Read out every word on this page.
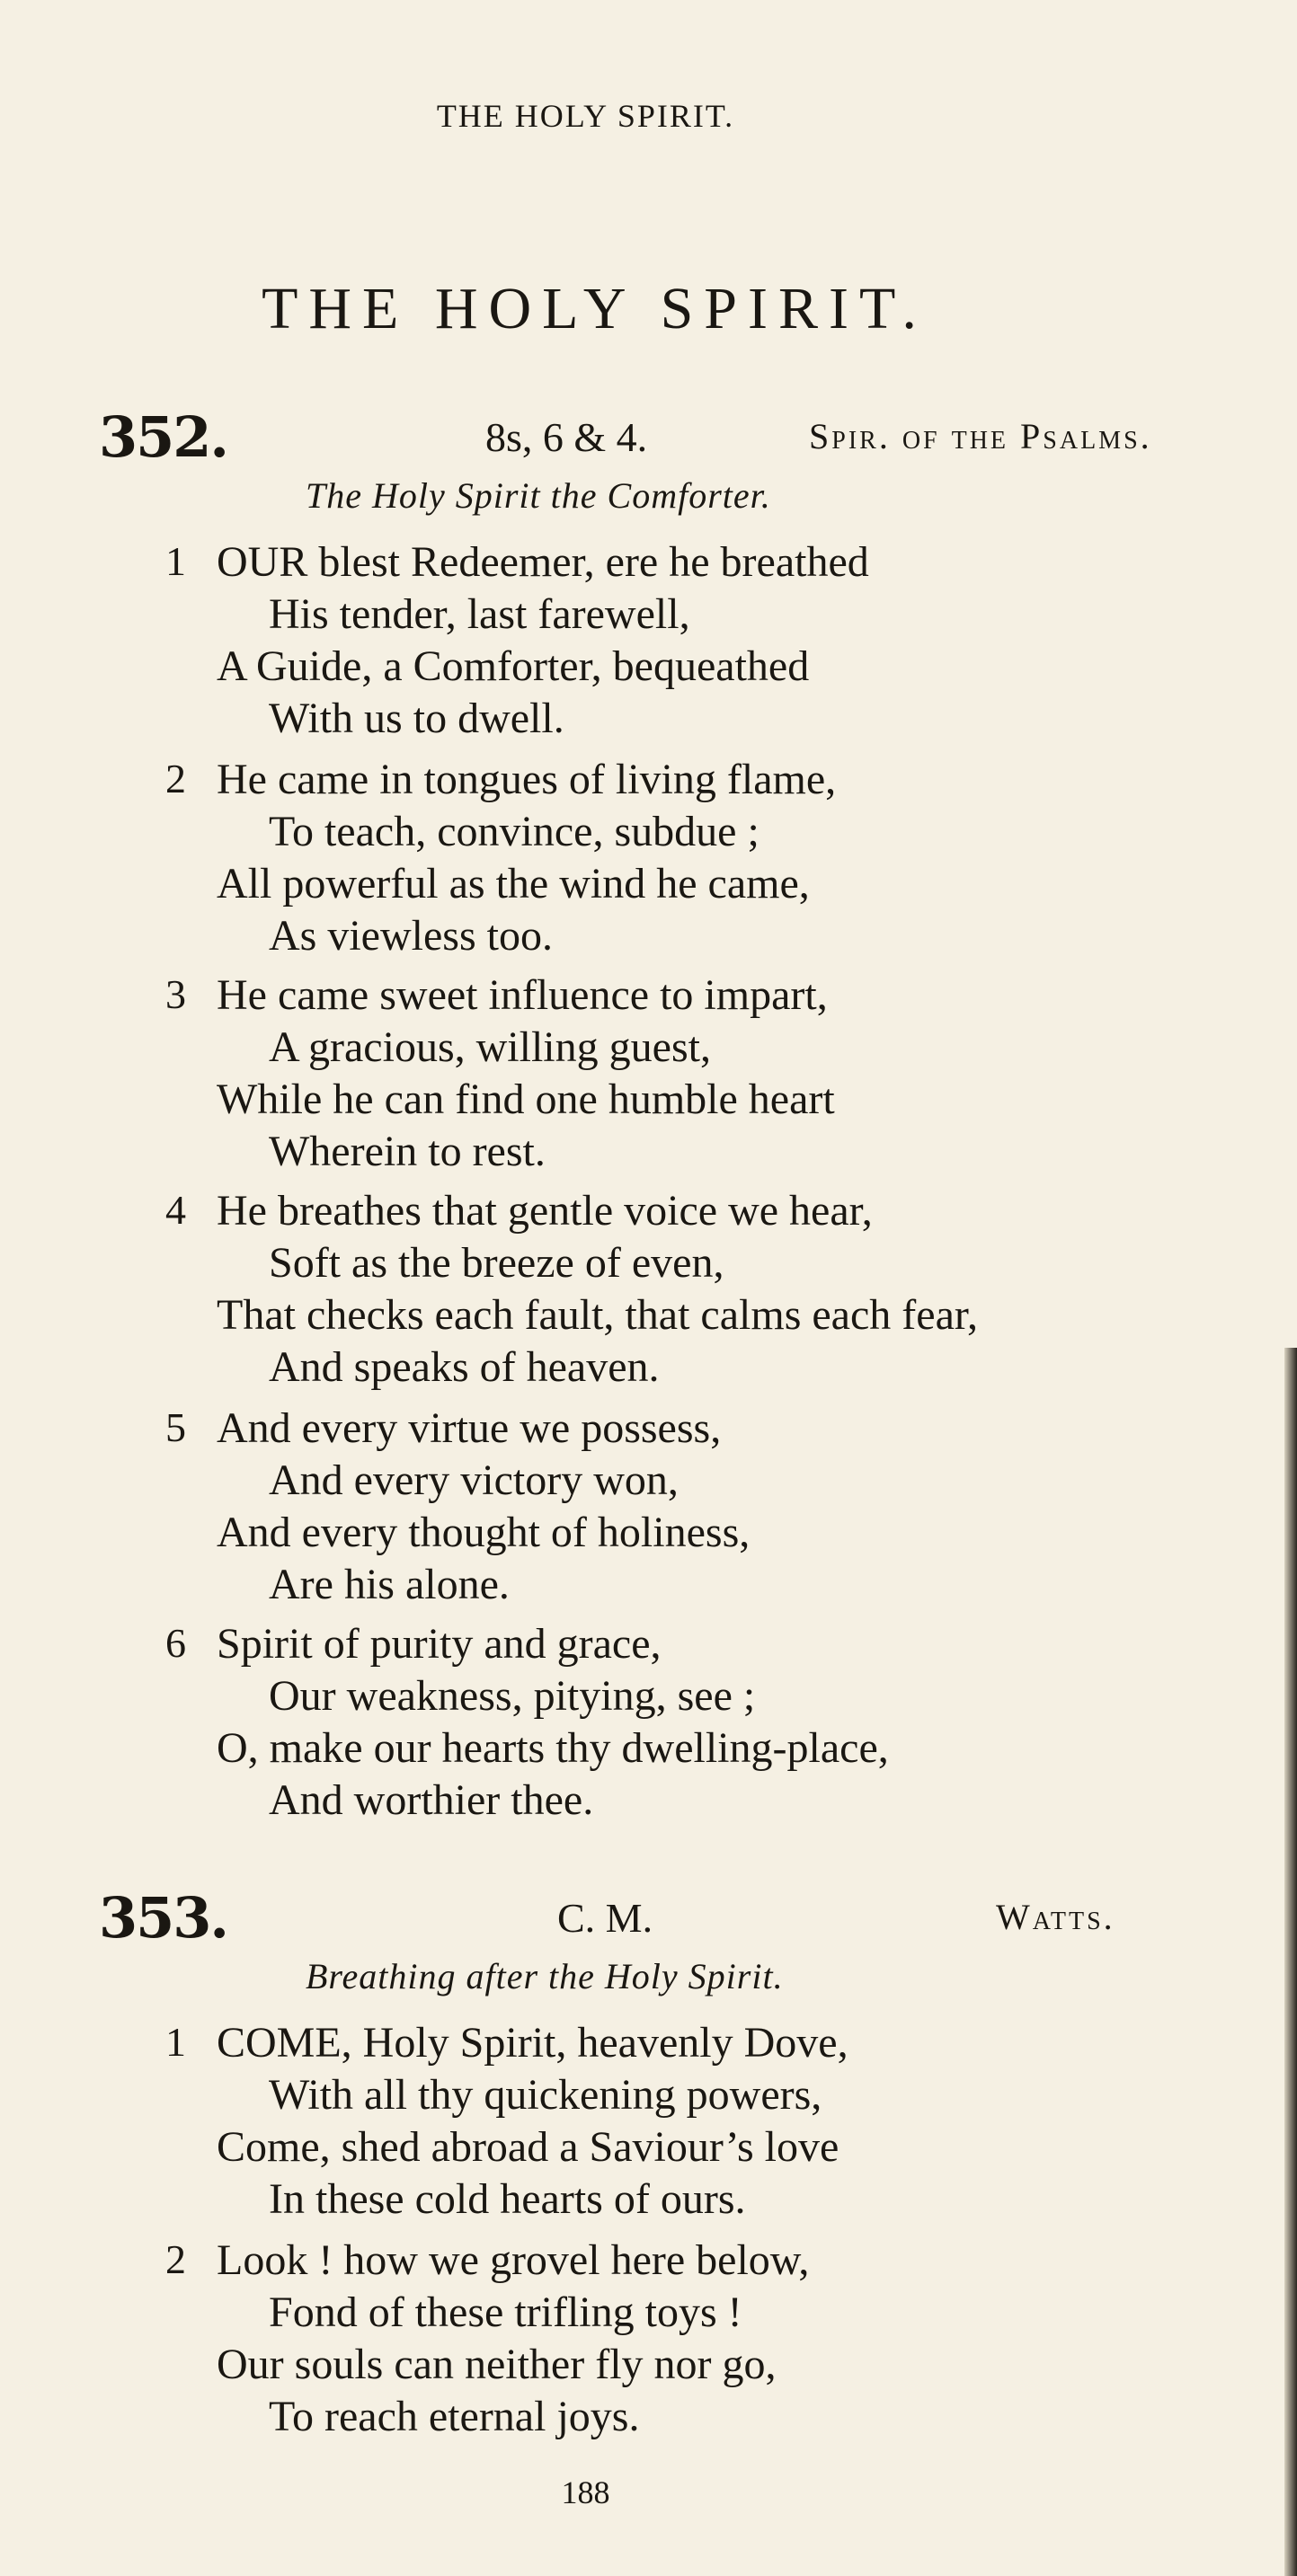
THE HOLY SPIRIT.
THE HOLY SPIRIT.
352.	8s, 6 & 4.	Spir. of the Psalms.
The Holy Spirit the Comforter.
1 OUR blest Redeemer, ere he breathed
His tender, last farewell,
A Guide, a Comforter, bequeathed
With us to dwell.
2 He came in tongues of living flame,
To teach, convince, subdue ;
All powerful as the wind he came,
As viewless too.
3 He came sweet influence to impart,
A gracious, willing guest,
While he can find one humble heart
Wherein to rest.
4 He breathes that gentle voice we hear,
Soft as the breeze of even,
That checks each fault, that calms each fear,
And speaks of heaven.
5 And every virtue we possess,
And every victory won,
And every thought of holiness,
Are his alone.
6 Spirit of purity and grace,
Our weakness, pitying, see ;
O, make our hearts thy dwelling-place,
And worthier thee.
353.	C. M.	Watts.
Breathing after the Holy Spirit.
1 COME, Holy Spirit, heavenly Dove,
With all thy quickening powers,
Come, shed abroad a Saviour’s love
In these cold hearts of ours.
2 Look ! how we grovel here below,
Fond of these trifling toys !
Our souls can neither fly nor go,
To reach eternal joys.
188
